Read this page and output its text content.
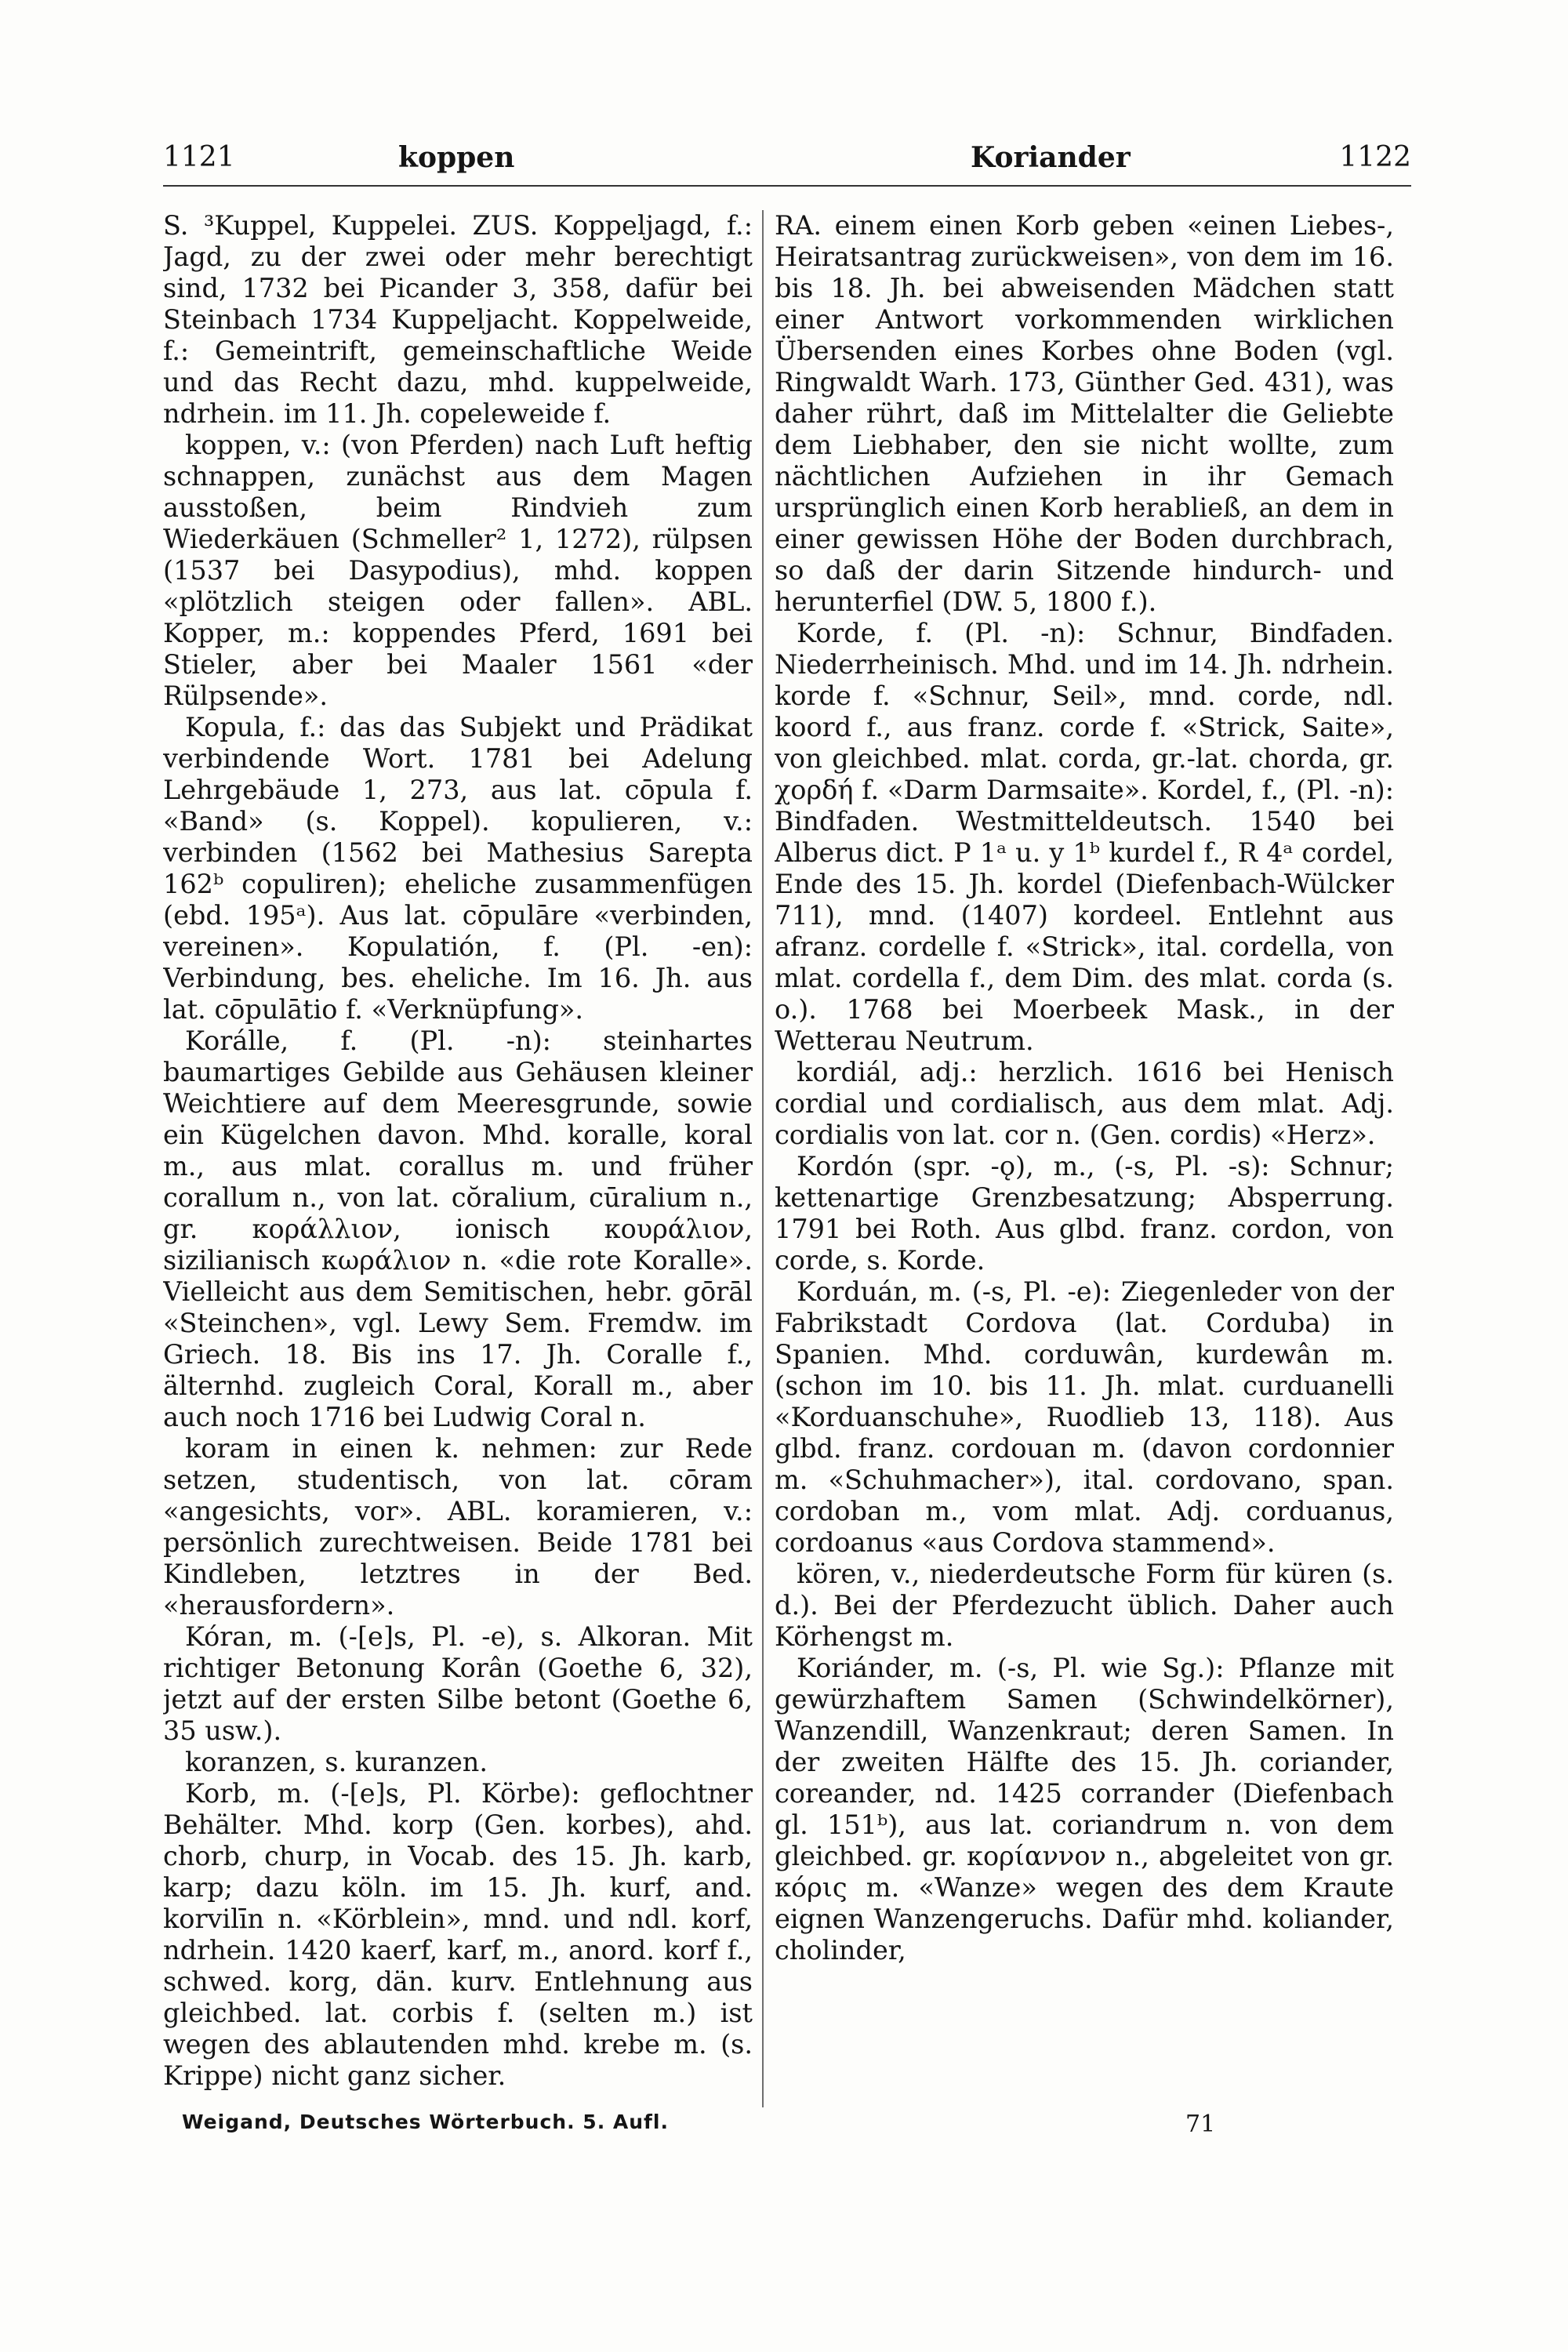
1121	koppen	Koriander	1122

S. ³Kuppel, Kuppelei. ZUS. Koppeljagd, f.: Jagd, zu der zwei oder mehr berechtigt sind, 1732 bei Picander 3, 358, dafür bei Steinbach 1734 Kuppeljacht. Koppelweide, f.: Gemeintrift, gemeinschaftliche Weide und das Recht dazu, mhd. kuppelweide, ndrhein. im 11. Jh. copeleweide f.

koppen, v.: (von Pferden) nach Luft heftig schnappen, zunächst aus dem Magen ausstoßen, beim Rindvieh zum Wiederkäuen (Schmeller² 1, 1272), rülpsen (1537 bei Dasypodius), mhd. koppen «plötzlich steigen oder fallen». ABL. Kopper, m.: koppendes Pferd, 1691 bei Stieler, aber bei Maaler 1561 «der Rülpsende».

Kopula, f.: das das Subjekt und Prädikat verbindende Wort. 1781 bei Adelung Lehrgebäude 1, 273, aus lat. cōpula f. «Band» (s. Koppel). kopulieren, v.: verbinden (1562 bei Mathesius Sarepta 162ᵇ copuliren); eheliche zusammenfügen (ebd. 195ᵃ). Aus lat. cōpulāre «verbinden, vereinen». Kopulatión, f. (Pl. -en): Verbindung, bes. eheliche. Im 16. Jh. aus lat. cōpulātio f. «Verknüpfung».

Korálle, f. (Pl. -n): steinhartes baumartiges Gebilde aus Gehäusen kleiner Weichtiere auf dem Meeresgrunde, sowie ein Kügelchen davon. Mhd. koralle, koral m., aus mlat. corallus m. und früher corallum n., von lat. cŏralium, cūralium n., gr. κοράλλιον, ionisch κουράλιον, sizilianisch κωράλιον n. «die rote Koralle». Vielleicht aus dem Semitischen, hebr. gōrāl «Steinchen», vgl. Lewy Sem. Fremdw. im Griech. 18. Bis ins 17. Jh. Coralle f., älternhd. zugleich Coral, Korall m., aber auch noch 1716 bei Ludwig Coral n.

koram in einen k. nehmen: zur Rede setzen, studentisch, von lat. cōram «angesichts, vor». ABL. koramieren, v.: persönlich zurechtweisen. Beide 1781 bei Kindleben, letztres in der Bed. «herausfordern».

Kóran, m. (-[e]s, Pl. -e), s. Alkoran. Mit richtiger Betonung Korân (Goethe 6, 32), jetzt auf der ersten Silbe betont (Goethe 6, 35 usw.).

koranzen, s. kuranzen.

Korb, m. (-[e]s, Pl. Körbe): geflochtner Behälter. Mhd. korp (Gen. korbes), ahd. chorb, churp, in Vocab. des 15. Jh. karb, karp; dazu köln. im 15. Jh. kurf, and. korvilīn n. «Körblein», mnd. und ndl. korf, ndrhein. 1420 kaerf, karf, m., anord. korf f., schwed. korg, dän. kurv. Entlehnung aus gleichbed. lat. corbis f. (selten m.) ist wegen des ablautenden mhd. krebe m. (s. Krippe) nicht ganz sicher.

RA. einem einen Korb geben «einen Liebes-, Heiratsantrag zurückweisen», von dem im 16. bis 18. Jh. bei abweisenden Mädchen statt einer Antwort vorkommenden wirklichen Übersenden eines Korbes ohne Boden (vgl. Ringwaldt Warh. 173, Günther Ged. 431), was daher rührt, daß im Mittelalter die Geliebte dem Liebhaber, den sie nicht wollte, zum nächtlichen Aufziehen in ihr Gemach ursprünglich einen Korb herabließ, an dem in einer gewissen Höhe der Boden durchbrach, so daß der darin Sitzende hindurch- und herunterfiel (DW. 5, 1800 f.).

Korde, f. (Pl. -n): Schnur, Bindfaden. Niederrheinisch. Mhd. und im 14. Jh. ndrhein. korde f. «Schnur, Seil», mnd. corde, ndl. koord f., aus franz. corde f. «Strick, Saite», von gleichbed. mlat. corda, gr.-lat. chorda, gr. χορδή f. «Darm Darmsaite». Kordel, f., (Pl. -n): Bindfaden. Westmitteldeutsch. 1540 bei Alberus dict. P 1ᵃ u. y 1ᵇ kurdel f., R 4ᵃ cordel, Ende des 15. Jh. kordel (Diefenbach-Wülcker 711), mnd. (1407) kordeel. Entlehnt aus afranz. cordelle f. «Strick», ital. cordella, von mlat. cordella f., dem Dim. des mlat. corda (s. o.). 1768 bei Moerbeek Mask., in der Wetterau Neutrum.

kordiál, adj.: herzlich. 1616 bei Henisch cordial und cordialisch, aus dem mlat. Adj. cordialis von lat. cor n. (Gen. cordis) «Herz».

Kordón (spr. -ǫ), m., (-s, Pl. -s): Schnur; kettenartige Grenzbesatzung; Absperrung. 1791 bei Roth. Aus glbd. franz. cordon, von corde, s. Korde.

Korduán, m. (-s, Pl. -e): Ziegenleder von der Fabrikstadt Cordova (lat. Corduba) in Spanien. Mhd. corduwân, kurdewân m. (schon im 10. bis 11. Jh. mlat. curduanelli «Korduanschuhe», Ruodlieb 13, 118). Aus glbd. franz. cordouan m. (davon cordonnier m. «Schuhmacher»), ital. cordovano, span. cordoban m., vom mlat. Adj. corduanus, cordoanus «aus Cordova stammend».

kören, v., niederdeutsche Form für küren (s. d.). Bei der Pferdezucht üblich. Daher auch Körhengst m.

Koriánder, m. (-s, Pl. wie Sg.): Pflanze mit gewürzhaftem Samen (Schwindelkörner), Wanzendill, Wanzenkraut; deren Samen. In der zweiten Hälfte des 15. Jh. coriander, coreander, nd. 1425 corrander (Diefenbach gl. 151ᵇ), aus lat. coriandrum n. von dem gleichbed. gr. κορίαννον n., abgeleitet von gr. κόρις m. «Wanze» wegen des dem Kraute eignen Wanzengeruchs. Dafür mhd. koliander, cholinder,

Weigand, Deutsches Wörterbuch. 5. Aufl.	71
